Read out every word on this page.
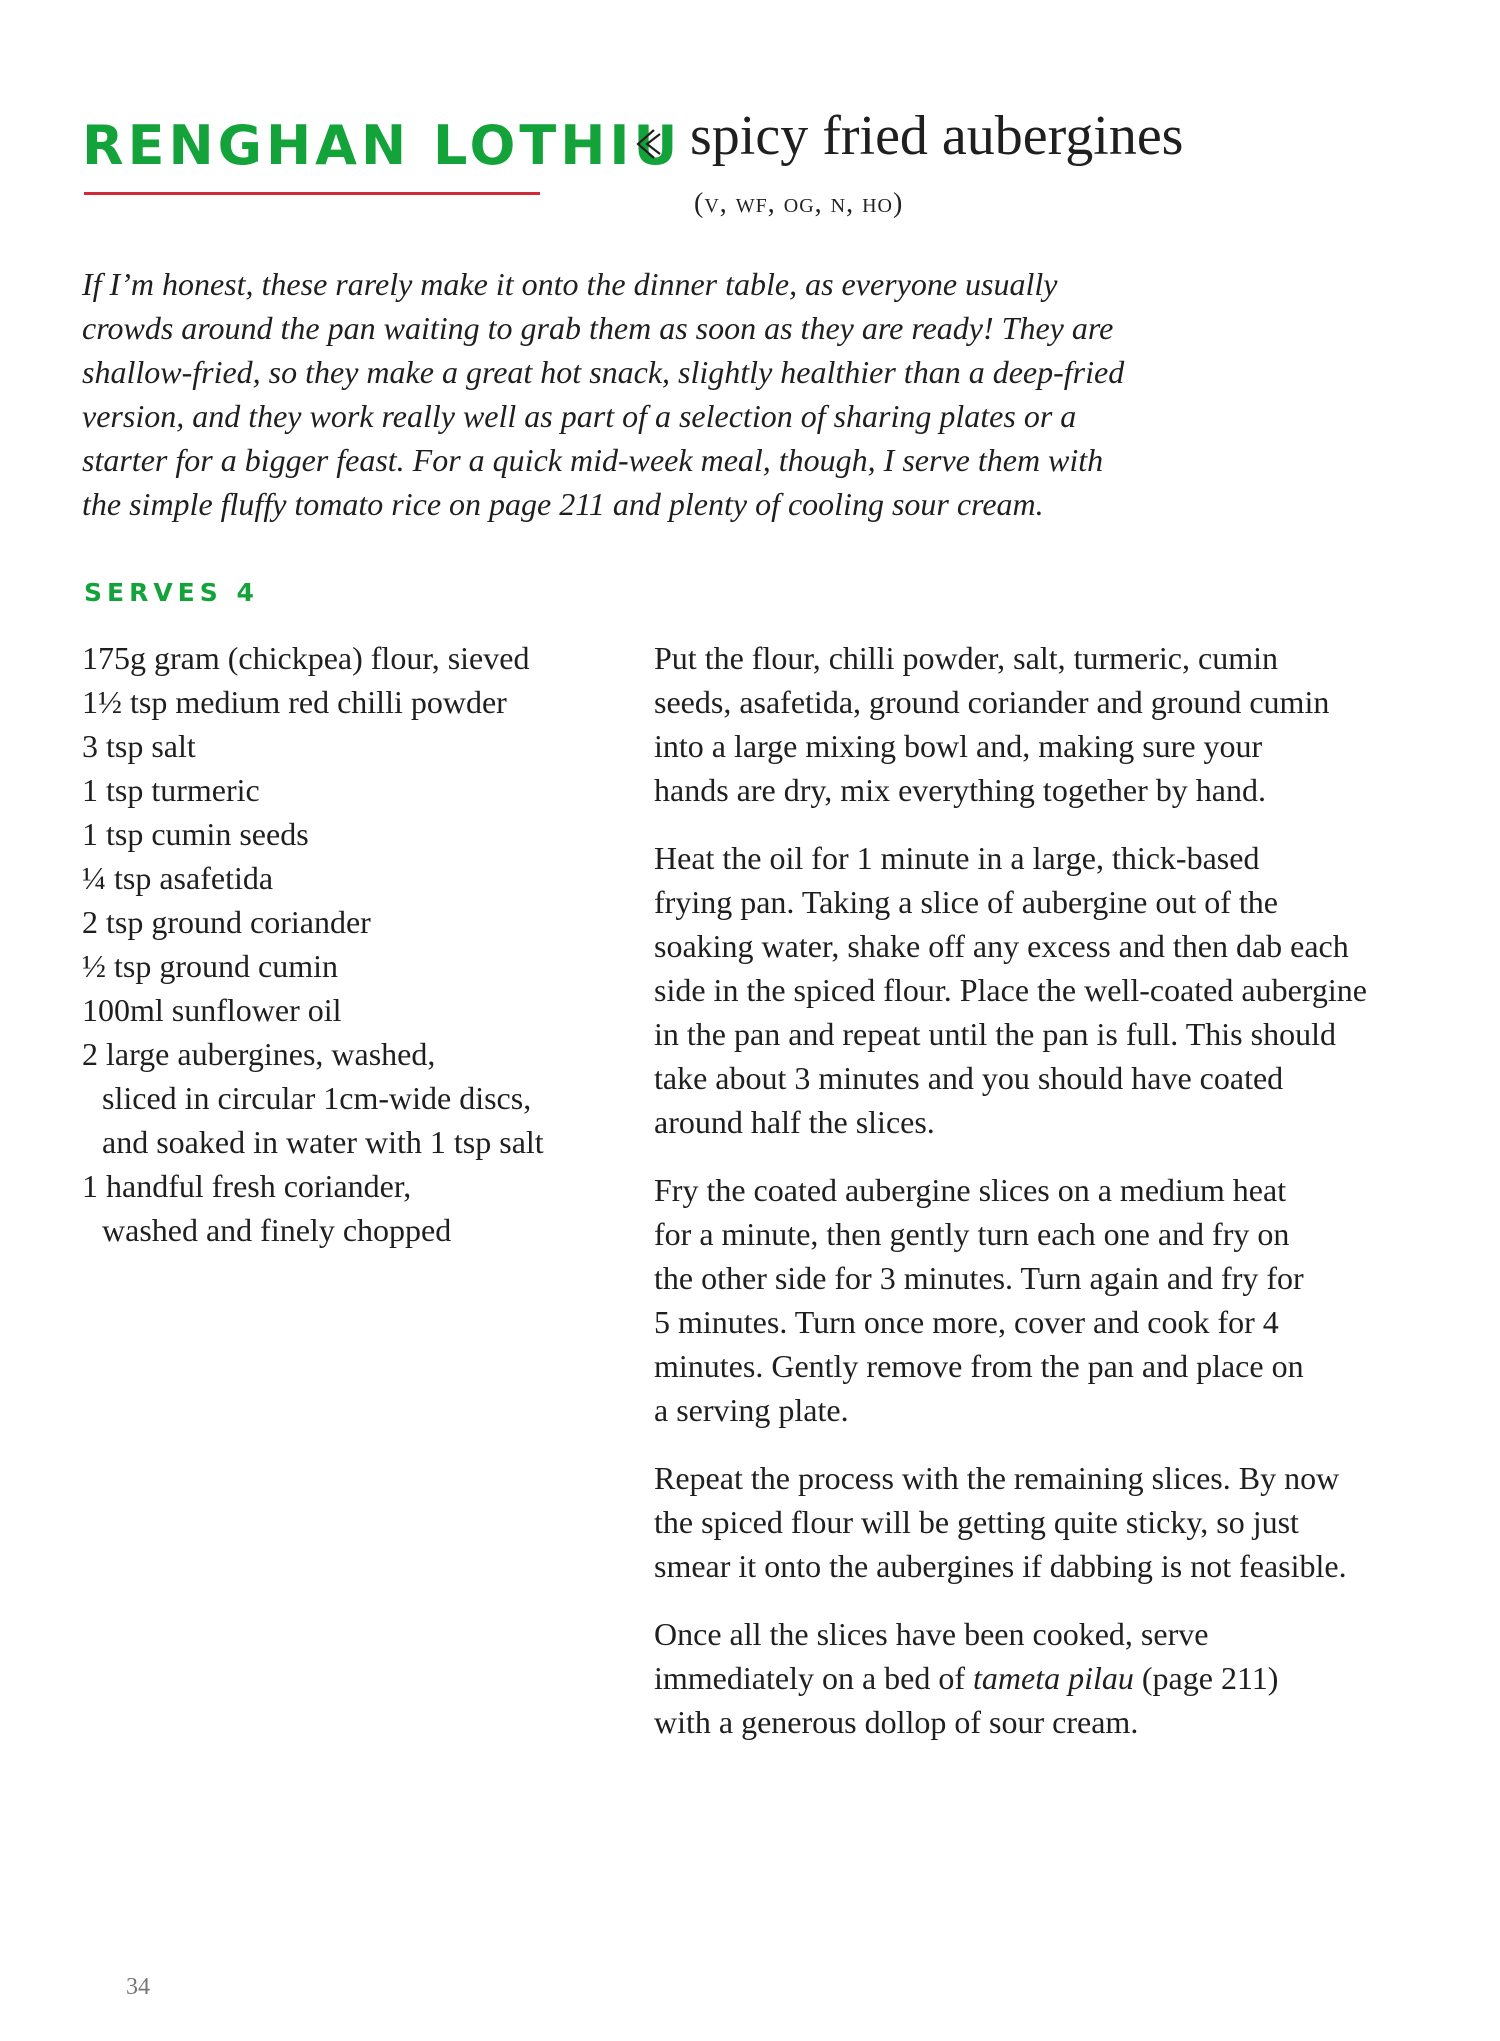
RENGHAN LOTHIU spicy fried aubergines
(v, wf, og, n, ho)

If I’m honest, these rarely make it onto the dinner table, as everyone usually

crowds around the pan waiting to grab them as soon as they are ready! They are

shallow-fried, so they make a great hot snack, slightly healthier than a deep-fried

version, and they work really well as part of a selection of sharing plates or a

starter for a bigger feast. For a quick mid-week meal, though, I serve them with

the simple fluffy tomato rice on page 211 and plenty of cooling sour cream.

SERVES 4
175g gram (chickpea) flour, sieved
1½ tsp medium red chilli powder
3 tsp salt
1 tsp turmeric
1 tsp cumin seeds
¼ tsp asafetida
2 tsp ground coriander
½ tsp ground cumin
100ml sunflower oil
2 large aubergines, washed,
sliced in circular 1cm-wide discs,
and soaked in water with 1 tsp salt
1 handful fresh coriander,
washed and finely chopped
Put the flour, chilli powder, salt, turmeric, cumin
seeds, asafetida, ground coriander and ground cumin
into a large mixing bowl and, making sure your
hands are dry, mix everything together by hand.
Heat the oil for 1 minute in a large, thick-based
frying pan. Taking a slice of aubergine out of the
soaking water, shake off any excess and then dab each
side in the spiced flour. Place the well-coated aubergine
in the pan and repeat until the pan is full. This should
take about 3 minutes and you should have coated
around half the slices.
Fry the coated aubergine slices on a medium heat
for a minute, then gently turn each one and fry on
the other side for 3 minutes. Turn again and fry for
5 minutes. Turn once more, cover and cook for 4
minutes. Gently remove from the pan and place on
a serving plate.
Repeat the process with the remaining slices. By now
the spiced flour will be getting quite sticky, so just
smear it onto the aubergines if dabbing is not feasible.
Once all the slices have been cooked, serve
immediately on a bed of tameta pilau (page 211)
with a generous dollop of sour cream.
34
